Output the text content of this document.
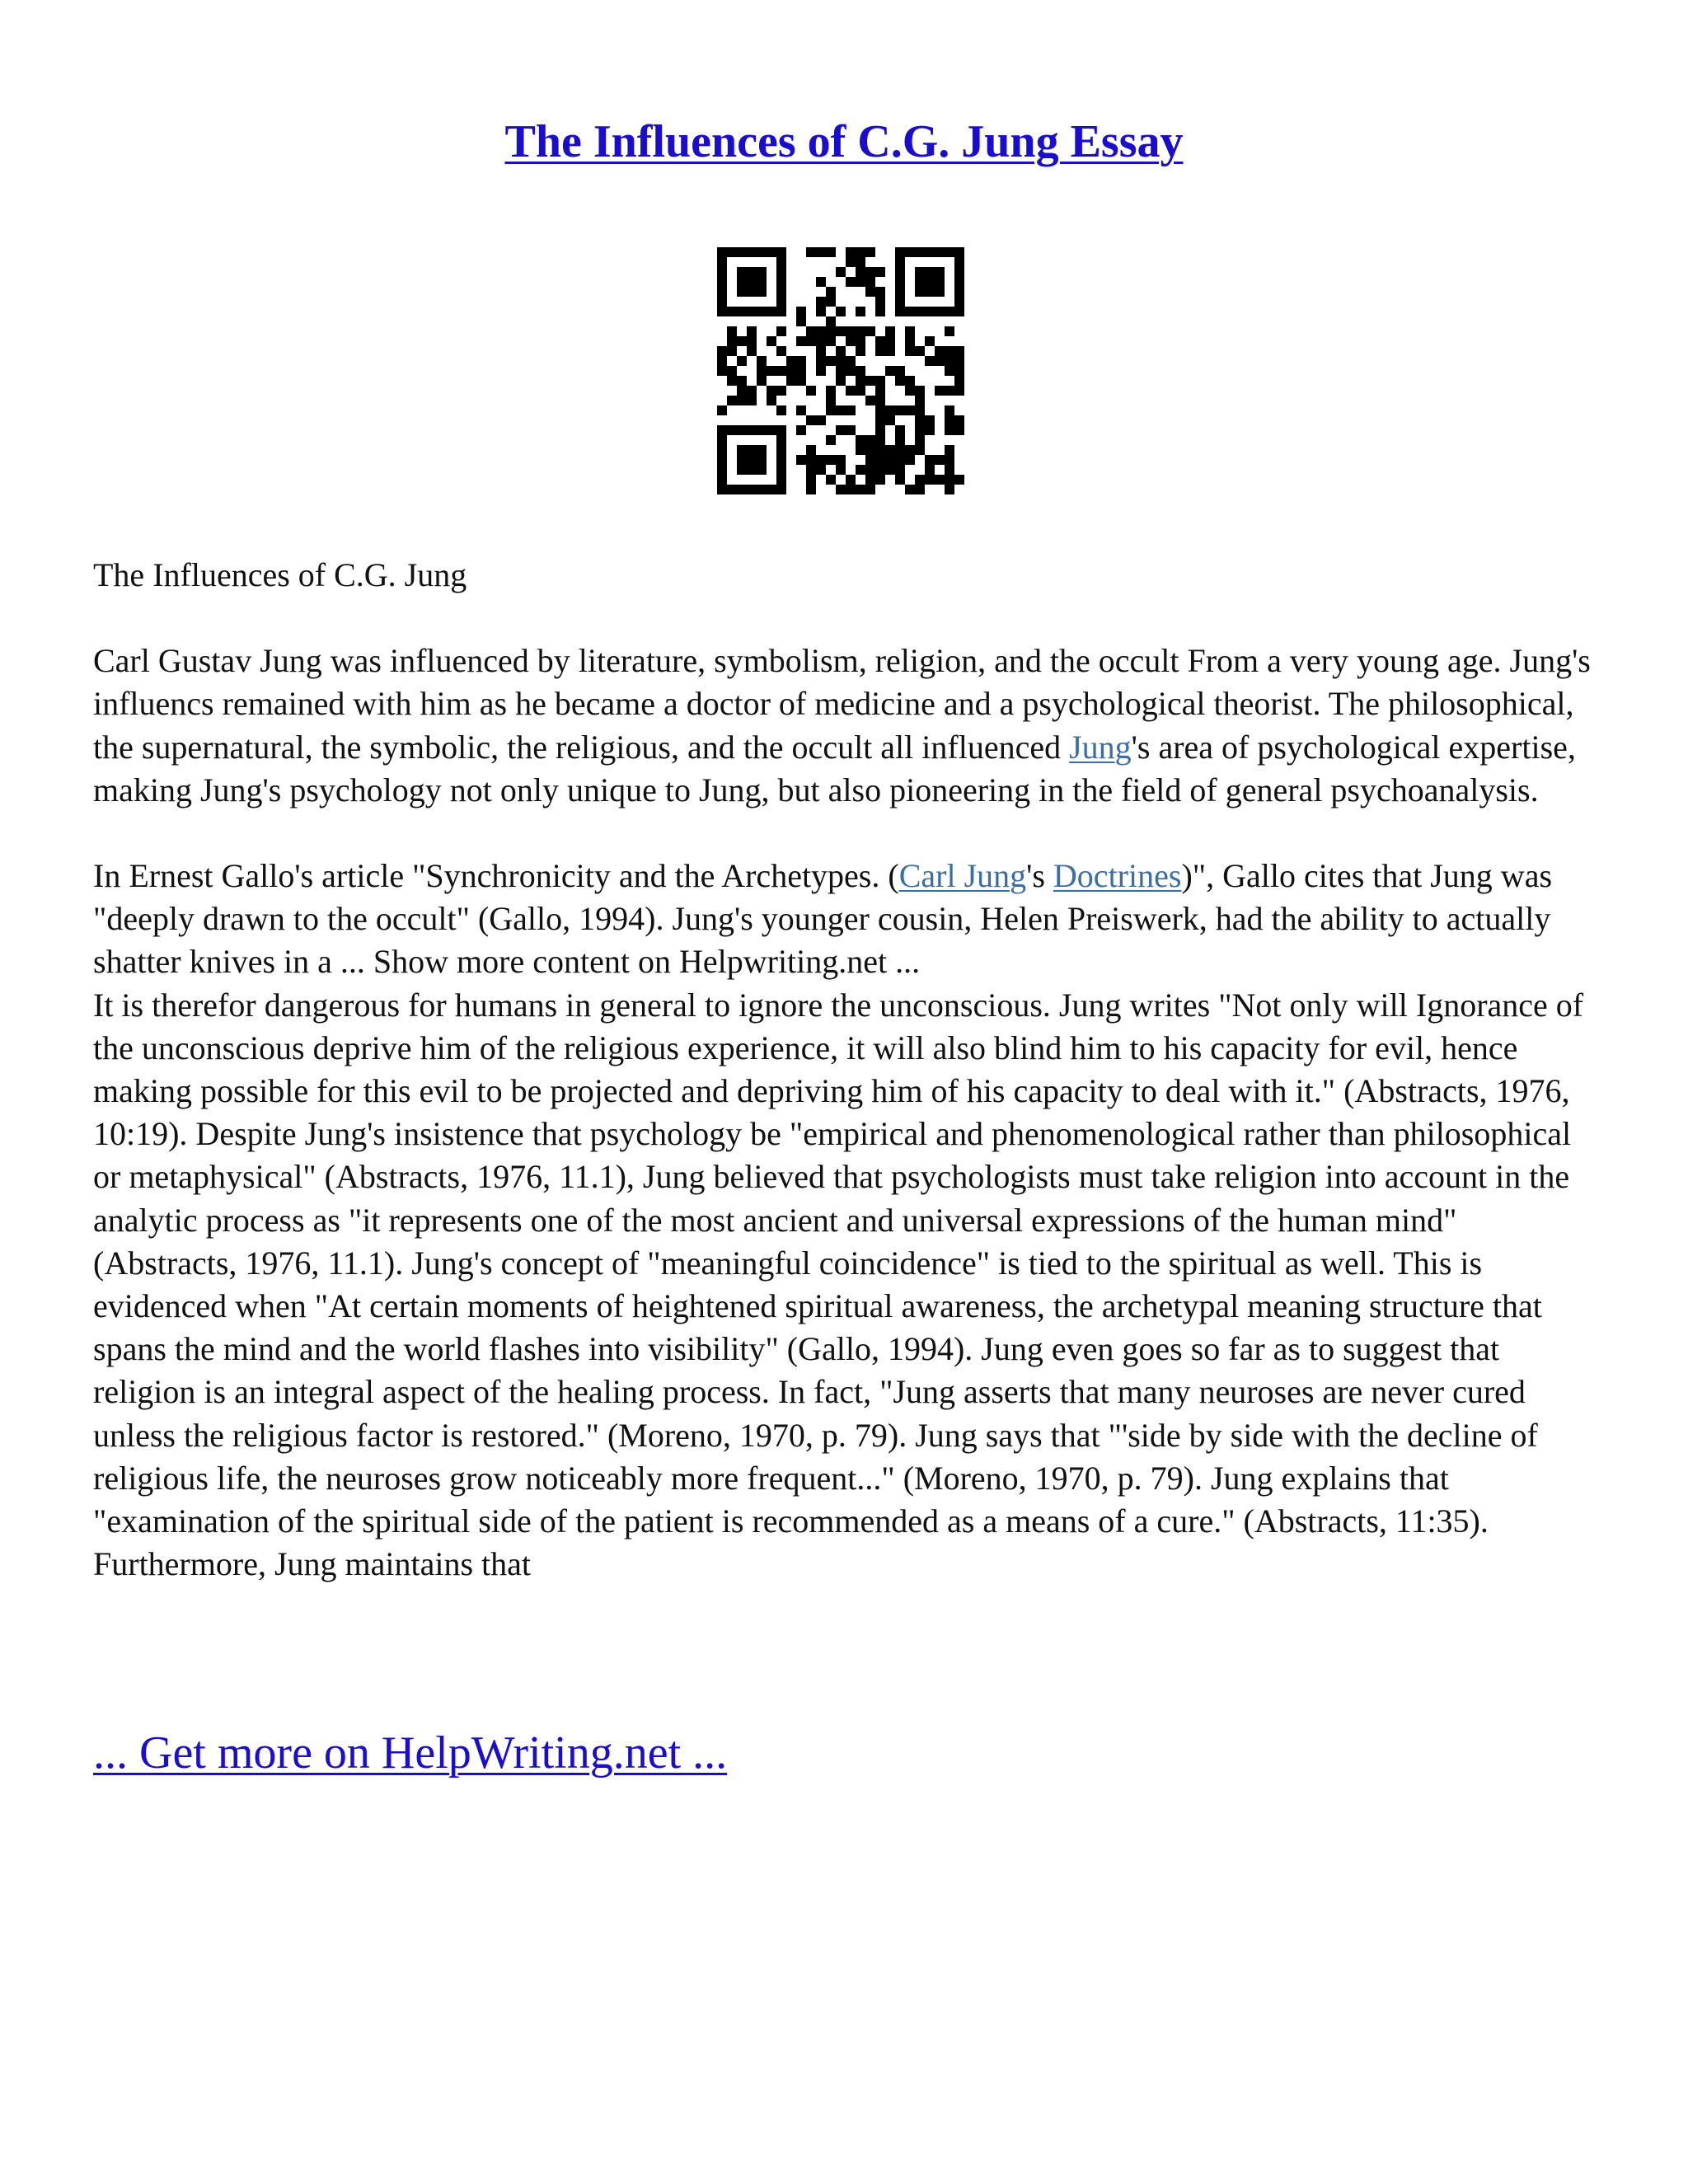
The Influences of C.G. Jung Essay

The Influences of C.G. Jung

Carl Gustav Jung was influenced by literature, symbolism, religion, and the occult From a very young age. Jung's influencs remained with him as he became a doctor of medicine and a psychological theorist. The philosophical, the supernatural, the symbolic, the religious, and the occult all influenced Jung's area of psychological expertise, making Jung's psychology not only unique to Jung, but also pioneering in the field of general psychoanalysis.

In Ernest Gallo's article "Synchronicity and the Archetypes. (Carl Jung's Doctrines)", Gallo cites that Jung was "deeply drawn to the occult" (Gallo, 1994). Jung's younger cousin, Helen Preiswerk, had the ability to actually shatter knives in a ... Show more content on Helpwriting.net ...

It is therefor dangerous for humans in general to ignore the unconscious. Jung writes "Not only will Ignorance of the unconscious deprive him of the religious experience, it will also blind him to his capacity for evil, hence making possible for this evil to be projected and depriving him of his capacity to deal with it." (Abstracts, 1976, 10:19). Despite Jung's insistence that psychology be "empirical and phenomenological rather than philosophical or metaphysical" (Abstracts, 1976, 11.1), Jung believed that psychologists must take religion into account in the analytic process as "it represents one of the most ancient and universal expressions of the human mind" (Abstracts, 1976, 11.1). Jung's concept of "meaningful coincidence" is tied to the spiritual as well. This is evidenced when "At certain moments of heightened spiritual awareness, the archetypal meaning structure that spans the mind and the world flashes into visibility" (Gallo, 1994). Jung even goes so far as to suggest that religion is an integral aspect of the healing process. In fact, "Jung asserts that many neuroses are never cured unless the religious factor is restored." (Moreno, 1970, p. 79). Jung says that "'side by side with the decline of religious life, the neuroses grow noticeably more frequent..." (Moreno, 1970, p. 79). Jung explains that "examination of the spiritual side of the patient is recommended as a means of a cure." (Abstracts, 11:35). Furthermore, Jung maintains that

... Get more on HelpWriting.net ...
